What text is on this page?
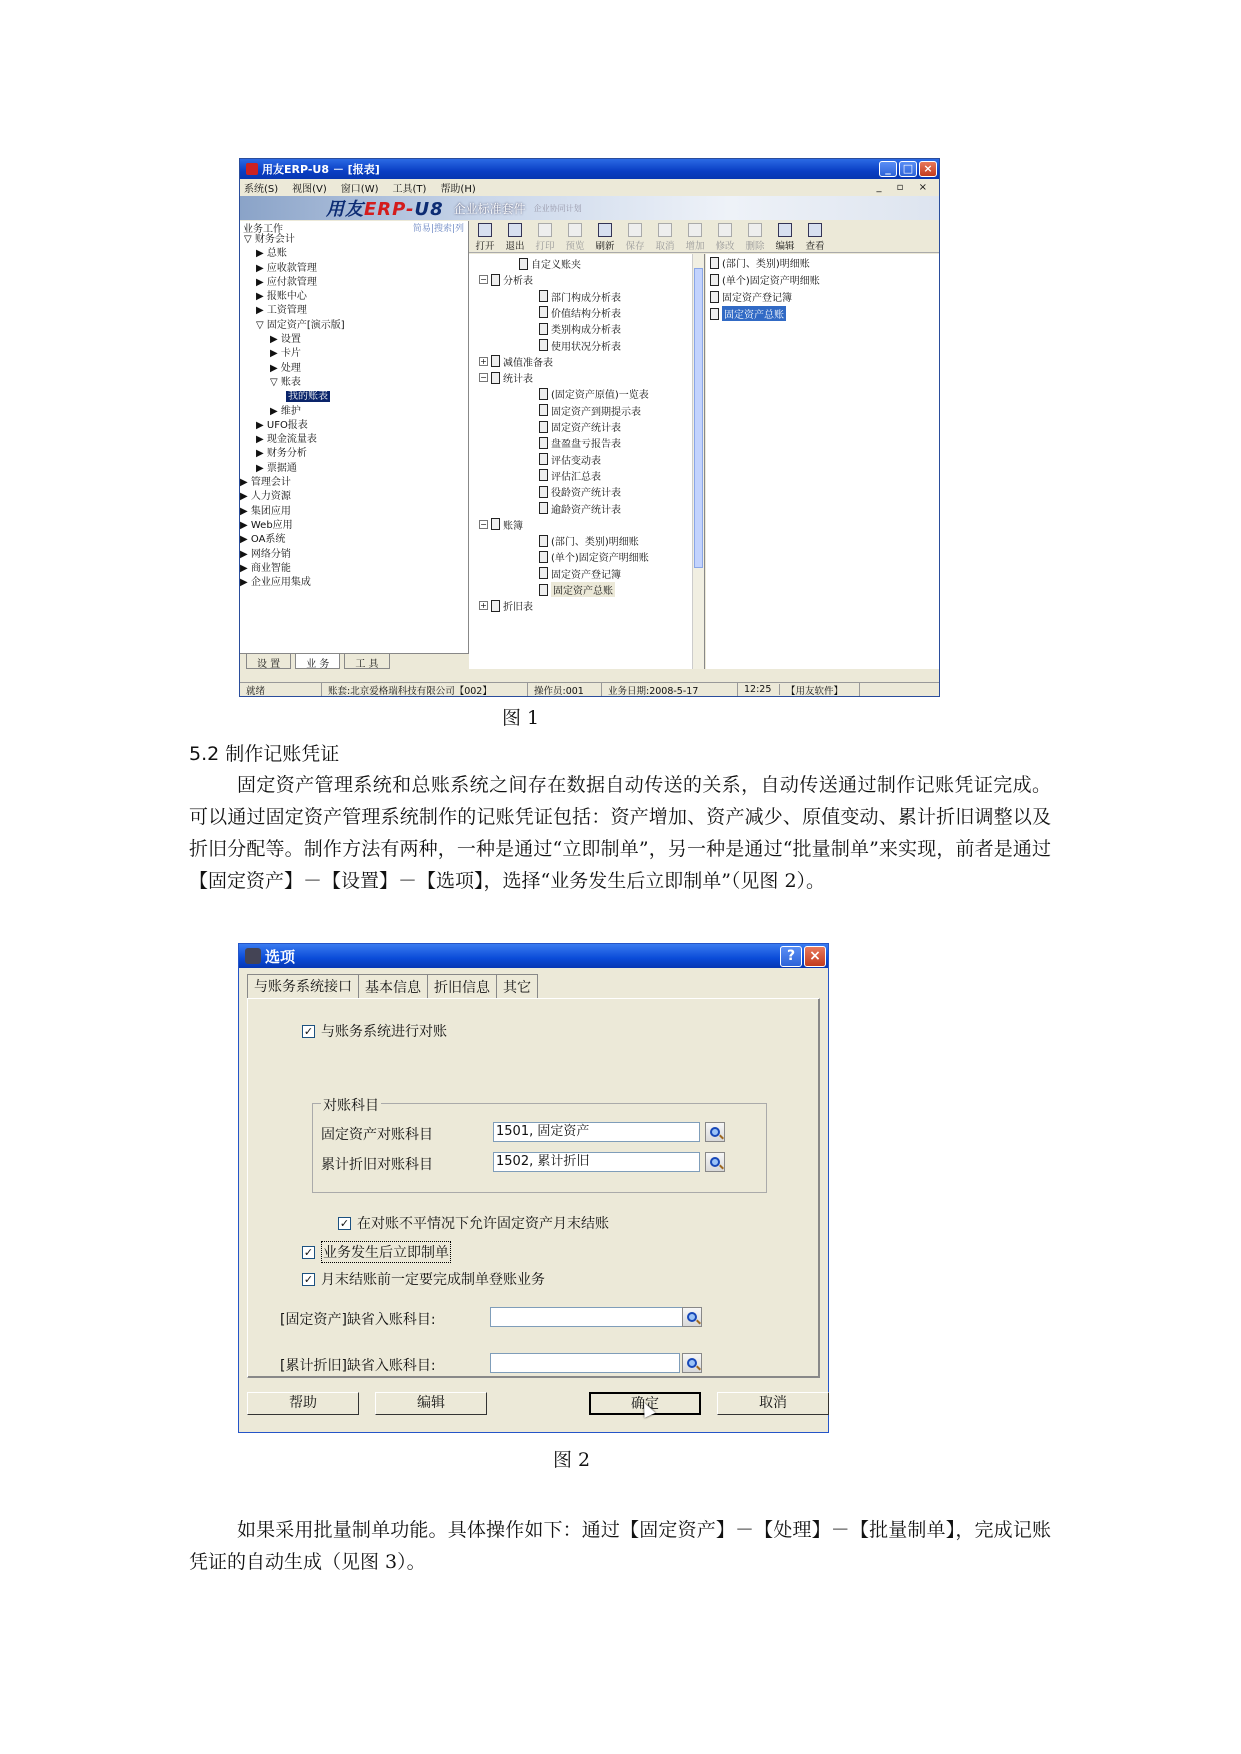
用友ERP-U8 － [报表]	_	□ ×
系统(S) 视图(V) 窗口(W) 工具(T) 帮助(H)	_ ▫ ×
用友ERP-U8 企业标准套件 企业协同计划
业务工作	简易|搜索|列
▽ 财务会计
▶ 总账
▶ 应收款管理
▶ 应付款管理
▶ 报账中心
▶ 工资管理
▽ 固定资产[演示版]
▶ 设置
▶ 卡片
▶ 处理
▽ 账表
我的账表
▶ 维护
▶ UFO报表
▶ 现金流量表
▶ 财务分析
▶ 票据通
▶ 管理会计
▶ 人力资源
▶ 集团应用
▶ Web应用
▶ OA系统
▶ 网络分销
▶ 商业智能
▶ 企业应用集成
设 置	业 务	工 具
打开 退出 打印 预览 刷新 保存 取消 增加 修改 删除 编辑 查看
自定义账夹
− 分析表
部门构成分析表
价值结构分析表
类别构成分析表
使用状况分析表
+ 减值准备表
− 统计表
(固定资产原值)一览表
固定资产到期提示表
固定资产统计表
盘盈盘亏报告表
评估变动表
评估汇总表
役龄资产统计表
逾龄资产统计表
− 账簿
(部门、类别)明细账
(单个)固定资产明细账
固定资产登记簿
固定资产总账
+ 折旧表
(部门、类别)明细账
(单个)固定资产明细账
固定资产登记簿
固定资产总账
就绪	账套:北京爱格瑞科技有限公司【002】	操作员:001	业务日期:2008-5-17	12:25	【用友软件】
图 1
5.2 制作记账凭证
固定资产管理系统和总账系统之间存在数据自动传送的关系，自动传送通过制作记账凭证完成。可以通过固定资产管理系统制作的记账凭证包括：资产增加、资产减少、原值变动、累计折旧调整以及折旧分配等。制作方法有两种，一种是通过“立即制单”，另一种是通过“批量制单”来实现，前者是通过【固定资产】－【设置】－【选项】，选择“业务发生后立即制单”（见图 2）。
选项	?	×
与账务系统接口 基本信息 折旧信息 其它
✓ 与账务系统进行对账
对账科目
固定资产对账科目	1501, 固定资产
累计折旧对账科目	1502, 累计折旧
✓ 在对账不平情况下允许固定资产月末结账
✓ 业务发生后立即制单
✓ 月末结账前一定要完成制单登账业务
[固定资产]缺省入账科目:
[累计折旧]缺省入账科目:
帮助	编辑	确定	取消
图 2
如果采用批量制单功能。具体操作如下：通过【固定资产】－【处理】－【批量制单】，完成记账凭证的自动生成（见图 3）。
